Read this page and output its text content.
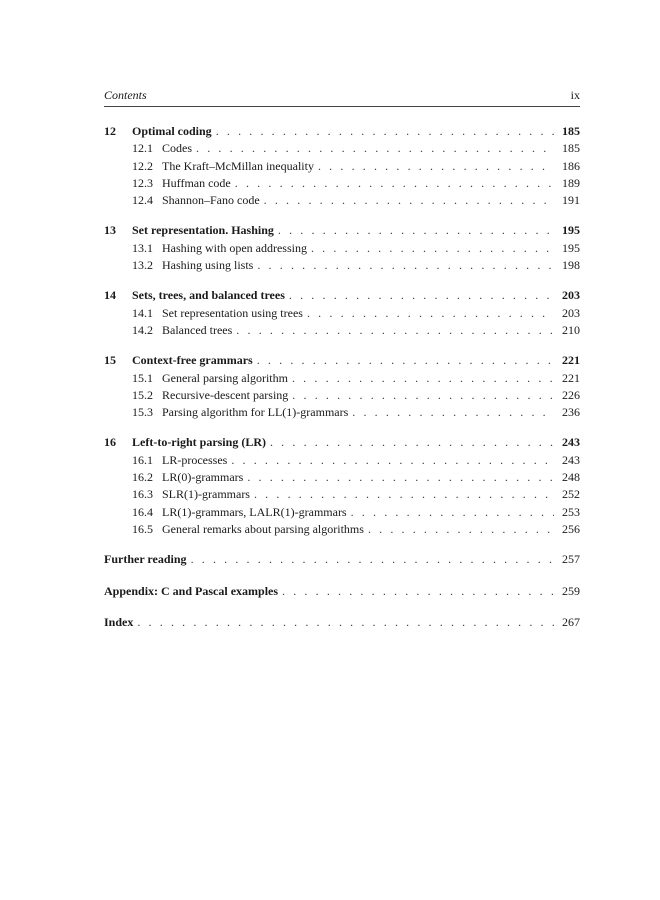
Contents	ix
12	Optimal coding . . .	185
12.1 Codes . . .	185
12.2 The Kraft–McMillan inequality . . .	186
12.3 Huffman code . . .	189
12.4 Shannon–Fano code . . .	191
13	Set representation. Hashing . . .	195
13.1 Hashing with open addressing . . .	195
13.2 Hashing using lists . . .	198
14	Sets, trees, and balanced trees . . .	203
14.1 Set representation using trees . . .	203
14.2 Balanced trees . . .	210
15	Context-free grammars . . .	221
15.1 General parsing algorithm . . .	221
15.2 Recursive-descent parsing . . .	226
15.3 Parsing algorithm for LL(1)-grammars . . .	236
16	Left-to-right parsing (LR) . . .	243
16.1 LR-processes . . .	243
16.2 LR(0)-grammars . . .	248
16.3 SLR(1)-grammars . . .	252
16.4 LR(1)-grammars, LALR(1)-grammars . . .	253
16.5 General remarks about parsing algorithms . . .	256
Further reading . . .	257
Appendix: C and Pascal examples . . .	259
Index . . .	267
